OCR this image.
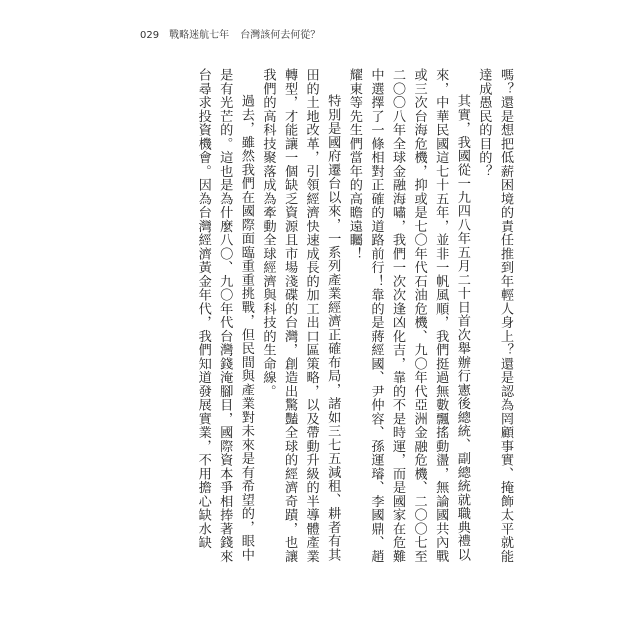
029 戰略迷航七年 台灣該何去何從？

嗎？還是想把低薪困境的責任推到年輕人身上？還是認為罔顧事實、掩飾太平就能達成愚民的目的？

其實，我國從一九四八年五月二十日首次舉辦行憲後總統、副總統就職典禮以來，中華民國這七十五年，並非一帆風順，我們挺過無數飄搖動盪，無論國共內戰或三次台海危機，抑或是七〇年代石油危機、九〇年代亞洲金融危機、二〇〇七至二〇〇八年全球金融海嘯，我們一次次逢凶化吉，靠的不是時運，而是國家在危難中選擇了一條相對正確的道路前行！靠的是蔣經國、尹仲容、孫運璿、李國鼎、趙耀東等先生們當年的高瞻遠矚！

特別是國府遷台以來，一系列產業經濟正確布局，諸如三七五減租、耕者有其田的土地改革，引領經濟快速成長的加工出口區策略，以及帶動升級的半導體產業轉型，才能讓一個缺乏資源且市場淺碟的台灣，創造出驚豔全球的經濟奇蹟，也讓我們的高科技聚落成為牽動全球經濟與科技的生命線。

過去，雖然我們在國際面臨重重挑戰，但民間與產業對未來是有希望的，眼中是有光芒的。這也是為什麼八〇、九〇年代台灣錢淹腳目，國際資本爭相捧著錢來台尋求投資機會。因為台灣經濟黃金年代，我們知道發展實業，不用擔心缺水缺
